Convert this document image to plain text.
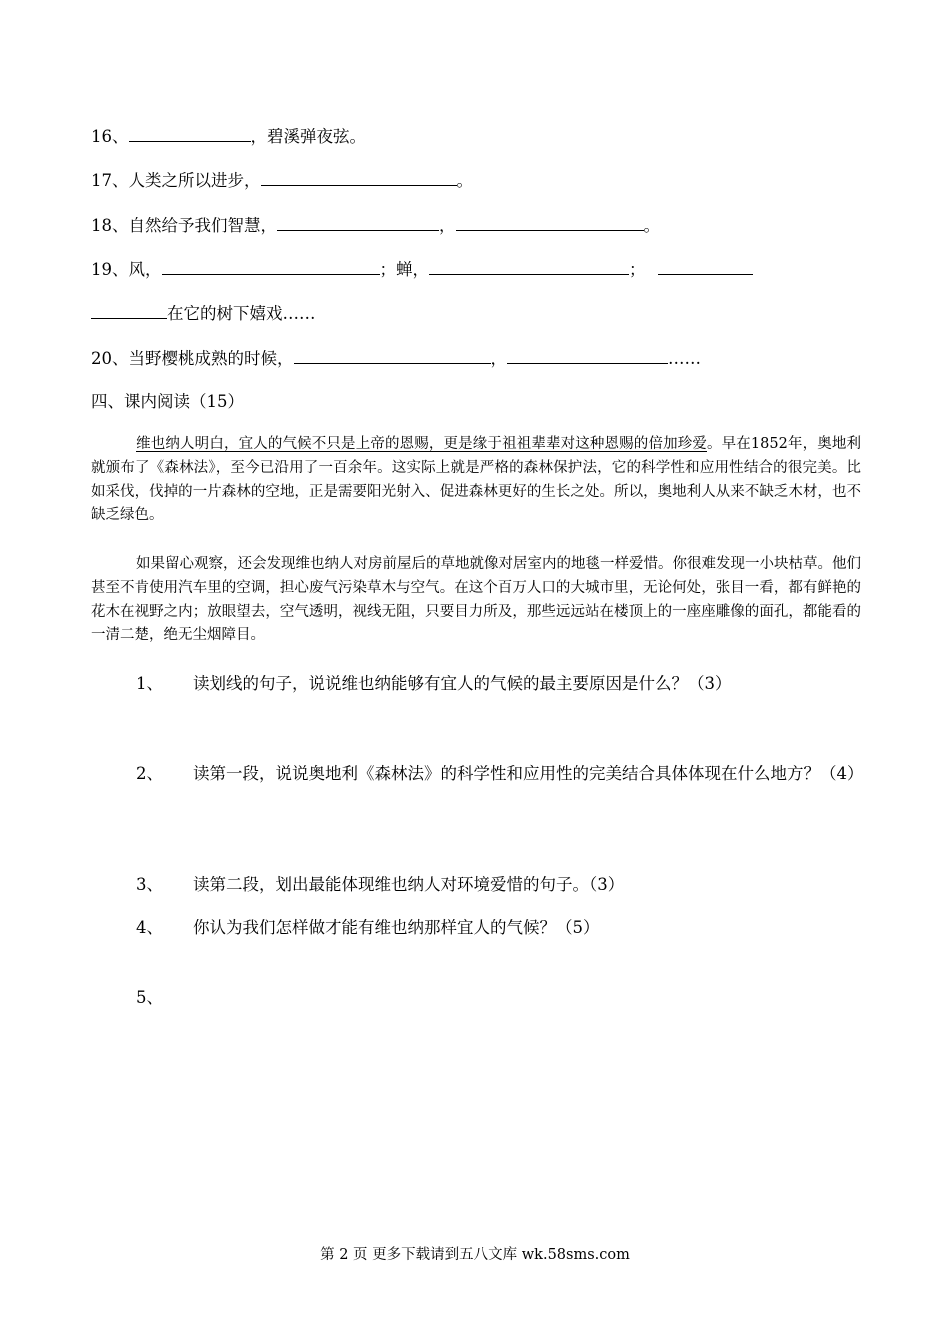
16、	，碧溪弹夜弦。
17、人类之所以进步，	。
18、自然给予我们智慧，	，	。
19、风，	；蝉，	；
在它的树下嬉戏……
20、当野樱桃成熟的时候，	，	……
四、课内阅读（15）
维也纳人明白，宜人的气候不只是上帝的恩赐，更是缘于祖祖辈辈对这种恩赐的倍加珍爱。早在1852年，奥地利就颁布了《森林法》，至今已沿用了一百余年。这实际上就是严格的森林保护法，它的科学性和应用性结合的很完美。比如采伐，伐掉的一片森林的空地，正是需要阳光射入、促进森林更好的生长之处。所以，奥地利人从来不缺乏木材，也不缺乏绿色。
如果留心观察，还会发现维也纳人对房前屋后的草地就像对居室内的地毯一样爱惜。你很难发现一小块枯草。他们甚至不肯使用汽车里的空调，担心废气污染草木与空气。在这个百万人口的大城市里，无论何处，张目一看，都有鲜艳的花木在视野之内；放眼望去，空气透明，视线无阻，只要目力所及，那些远远站在楼顶上的一座座雕像的面孔，都能看的一清二楚，绝无尘烟障目。
1、	读划线的句子，说说维也纳能够有宜人的气候的最主要原因是什么？（3）
2、	读第一段，说说奥地利《森林法》的科学性和应用性的完美结合具体体现在什么地方？（4）
3、	读第二段，划出最能体现维也纳人对环境爱惜的句子。（3）
4、	你认为我们怎样做才能有维也纳那样宜人的气候？（5）
5、
第 2 页 更多下载请到五八文库 wk.58sms.com
